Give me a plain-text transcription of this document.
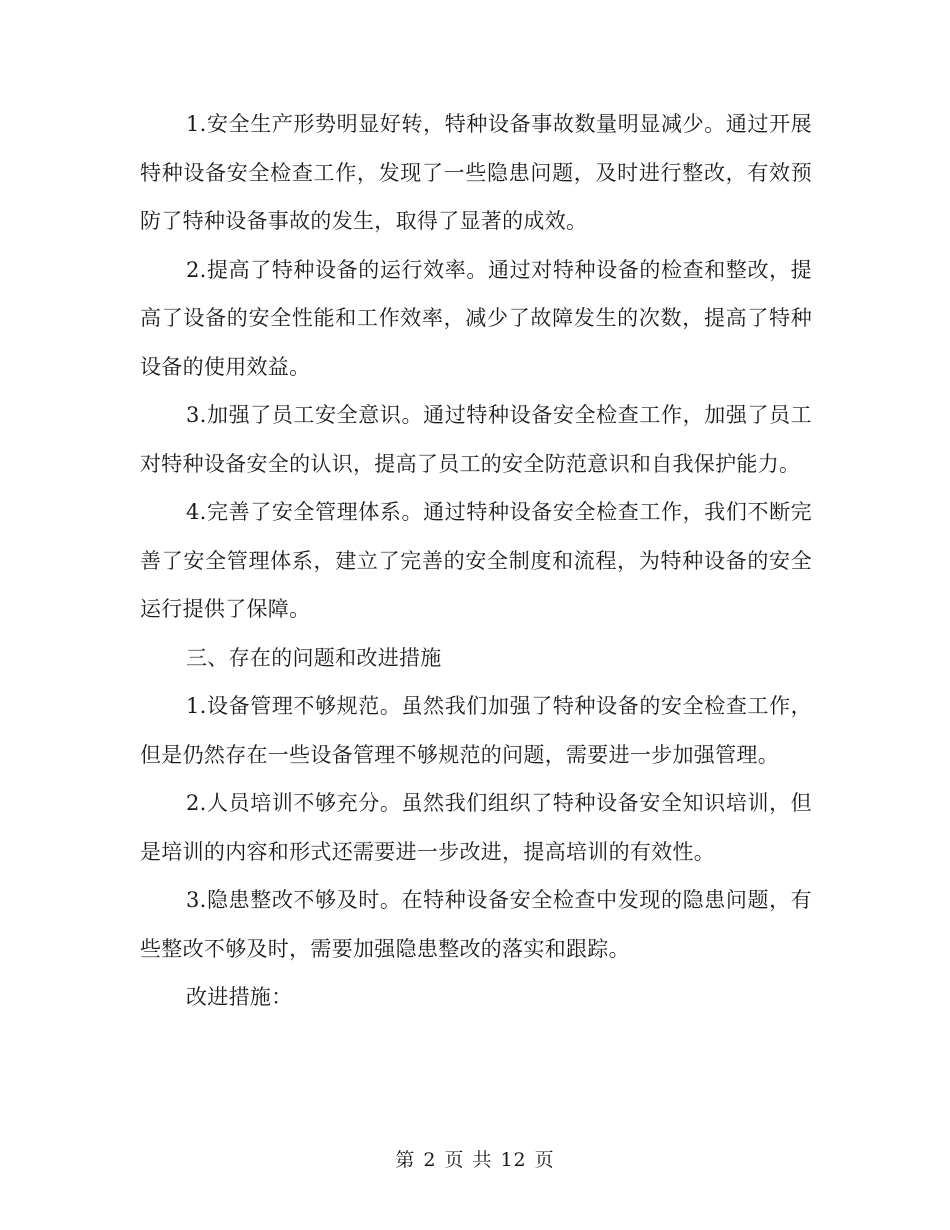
1.安全生产形势明显好转，特种设备事故数量明显减少。通过开展特种设备安全检查工作，发现了一些隐患问题，及时进行整改，有效预防了特种设备事故的发生，取得了显著的成效。

2.提高了特种设备的运行效率。通过对特种设备的检查和整改，提高了设备的安全性能和工作效率，减少了故障发生的次数，提高了特种设备的使用效益。

3.加强了员工安全意识。通过特种设备安全检查工作，加强了员工对特种设备安全的认识，提高了员工的安全防范意识和自我保护能力。

4.完善了安全管理体系。通过特种设备安全检查工作，我们不断完善了安全管理体系，建立了完善的安全制度和流程，为特种设备的安全运行提供了保障。

三、存在的问题和改进措施

1.设备管理不够规范。虽然我们加强了特种设备的安全检查工作，但是仍然存在一些设备管理不够规范的问题，需要进一步加强管理。

2.人员培训不够充分。虽然我们组织了特种设备安全知识培训，但是培训的内容和形式还需要进一步改进，提高培训的有效性。

3.隐患整改不够及时。在特种设备安全检查中发现的隐患问题，有些整改不够及时，需要加强隐患整改的落实和跟踪。

改进措施：

第 2 页 共 12 页
